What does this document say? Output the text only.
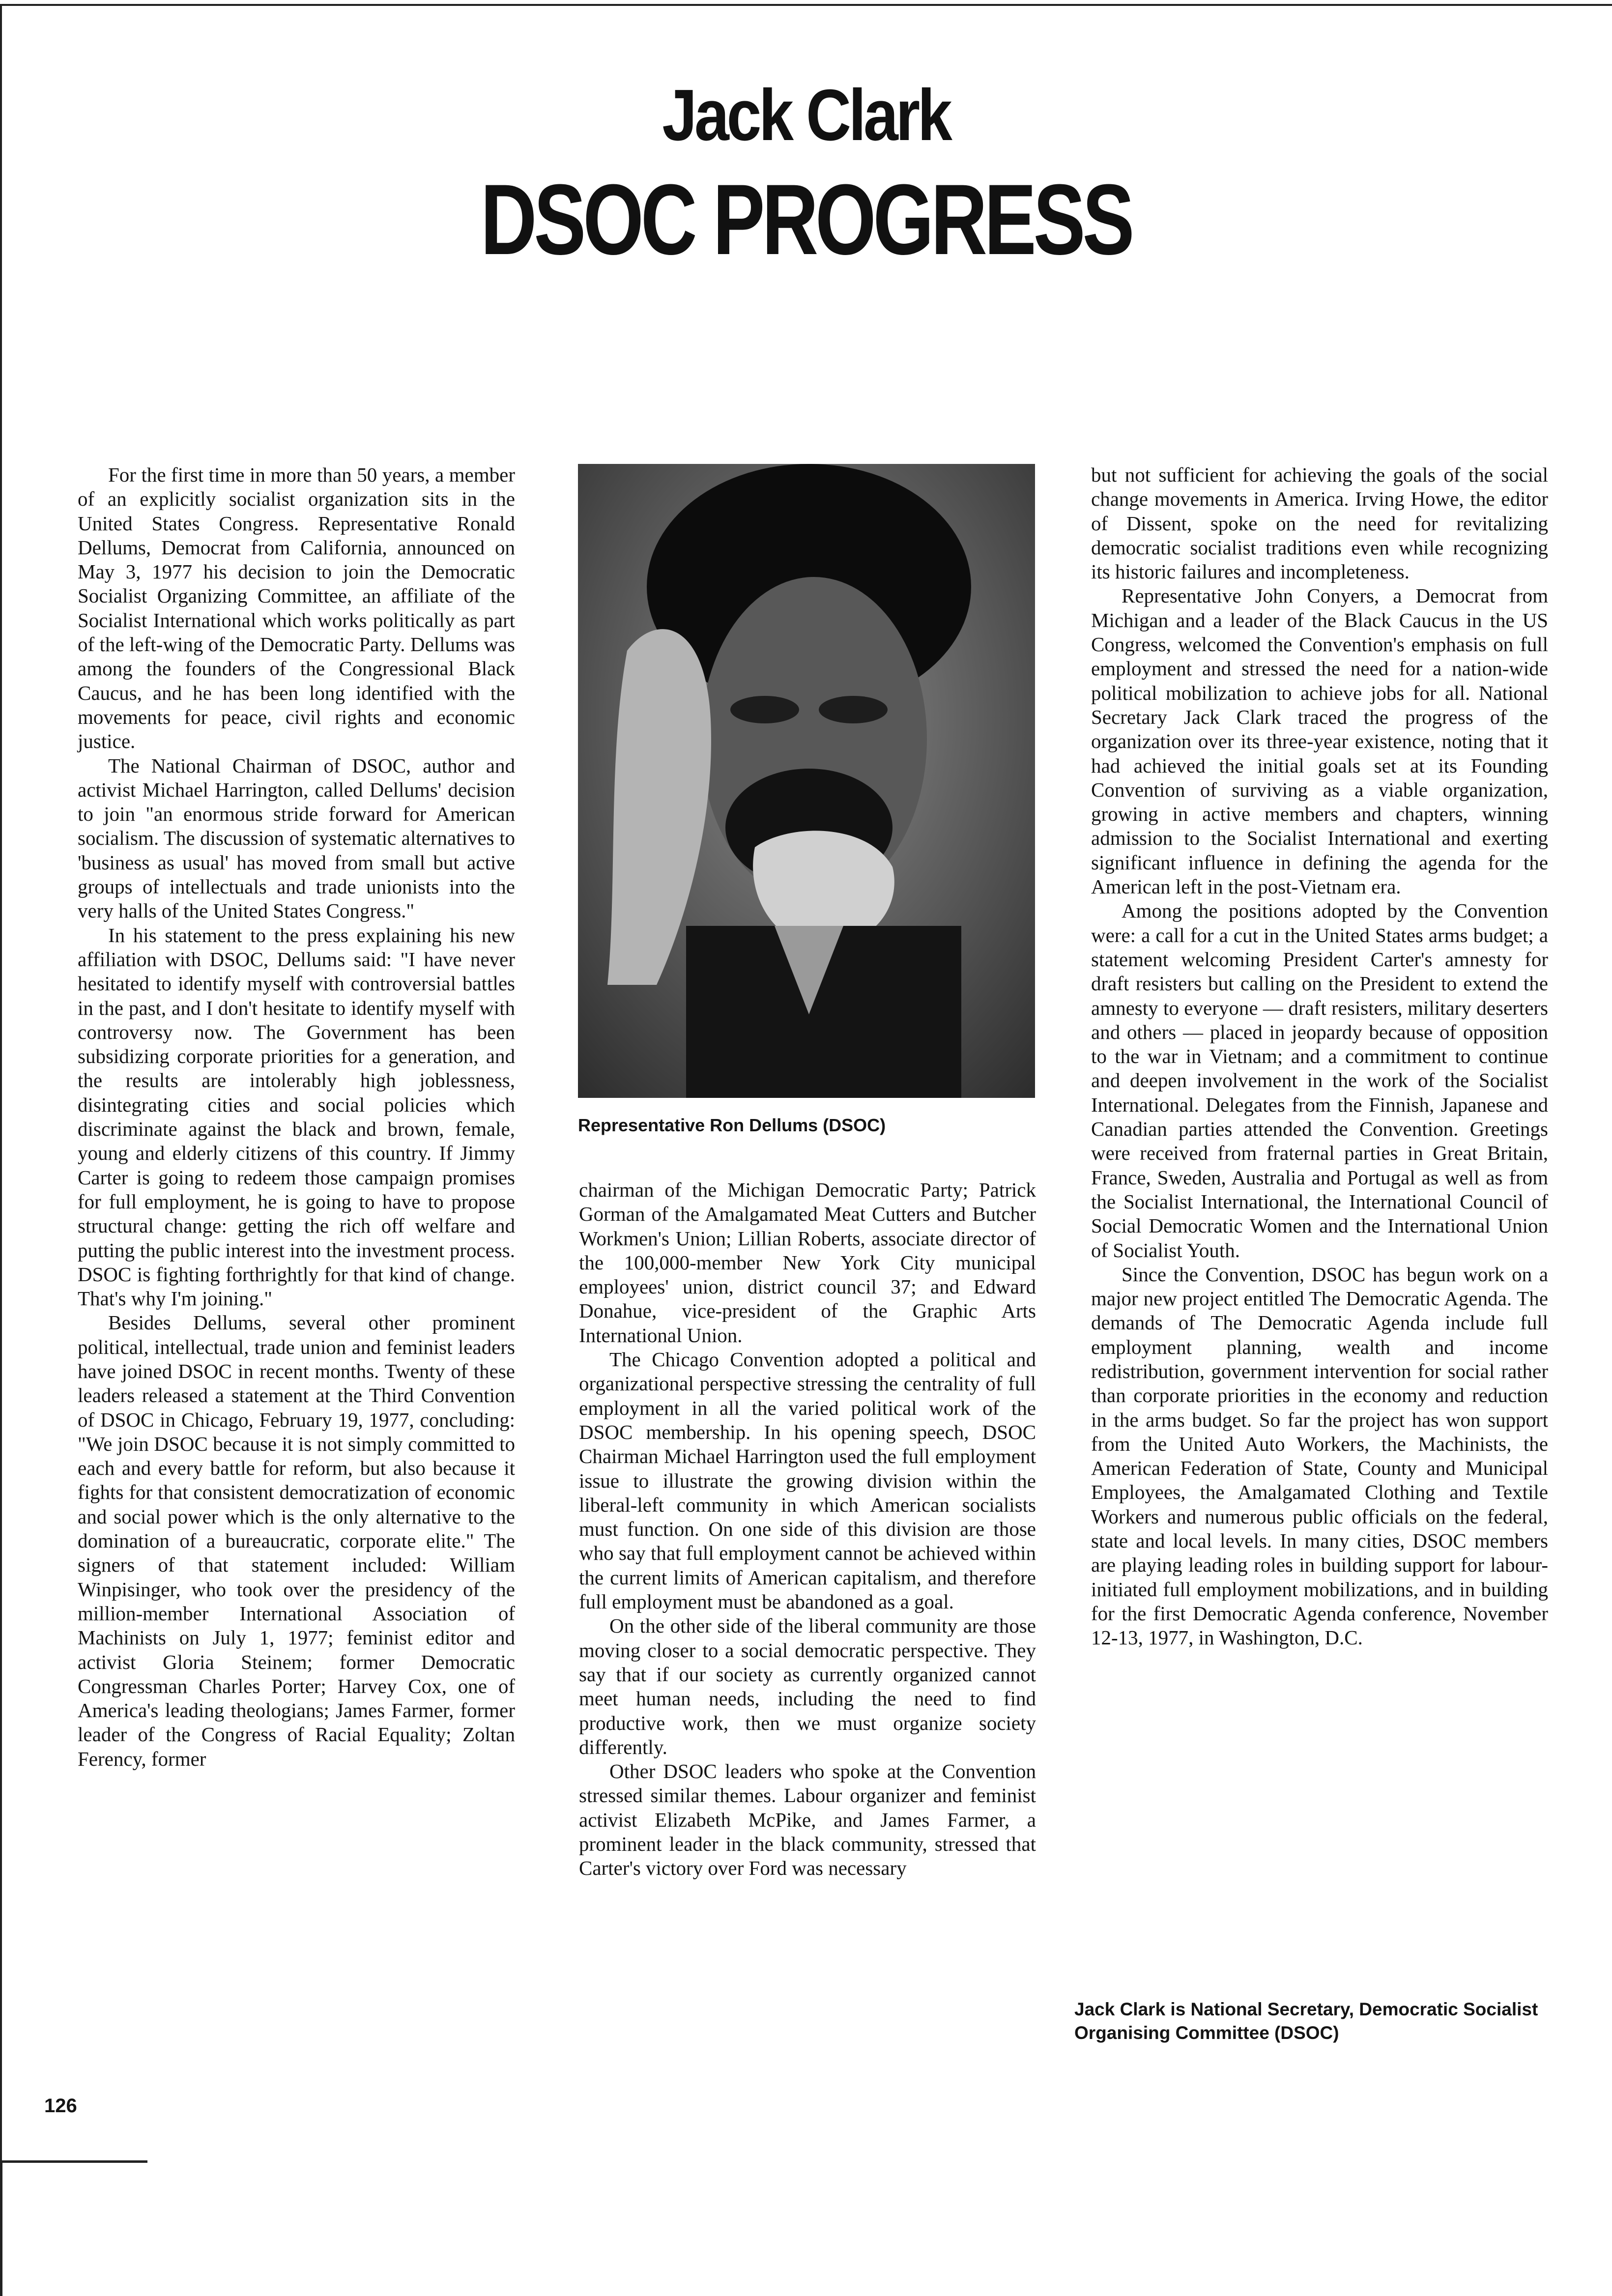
Jack Clark
DSOC PROGRESS

For the first time in more than 50 years, a member of an explicitly socialist organization sits in the United States Congress. Representative Ronald Dellums, Democrat from California, announced on May 3, 1977 his decision to join the Democratic Socialist Organizing Committee, an affiliate of the Socialist International which works politically as part of the left-wing of the Democratic Party. Dellums was among the founders of the Congressional Black Caucus, and he has been long identified with the movements for peace, civil rights and economic justice.

The National Chairman of DSOC, author and activist Michael Harrington, called Dellums' decision to join "an enormous stride forward for American socialism. The discussion of systematic alternatives to 'business as usual' has moved from small but active groups of intellectuals and trade unionists into the very halls of the United States Congress."

In his statement to the press explaining his new affiliation with DSOC, Dellums said: "I have never hesitated to identify myself with controversial battles in the past, and I don't hesitate to identify myself with controversy now. The Government has been subsidizing corporate priorities for a generation, and the results are intolerably high joblessness, disintegrating cities and social policies which discriminate against the black and brown, female, young and elderly citizens of this country. If Jimmy Carter is going to redeem those campaign promises for full employment, he is going to have to propose structural change: getting the rich off welfare and putting the public interest into the investment process. DSOC is fighting forthrightly for that kind of change. That's why I'm joining."

Besides Dellums, several other prominent political, intellectual, trade union and feminist leaders have joined DSOC in recent months. Twenty of these leaders released a statement at the Third Convention of DSOC in Chicago, February 19, 1977, concluding: "We join DSOC because it is not simply committed to each and every battle for reform, but also because it fights for that consistent democratization of economic and social power which is the only alternative to the domination of a bureaucratic, corporate elite." The signers of that statement included: William Winpisinger, who took over the presidency of the million-member International Association of Machinists on July 1, 1977; feminist editor and activist Gloria Steinem; former Democratic Congressman Charles Porter; Harvey Cox, one of America's leading theologians; James Farmer, former leader of the Congress of Racial Equality; Zoltan Ferency, former

Representative Ron Dellums (DSOC)

chairman of the Michigan Democratic Party; Patrick Gorman of the Amalgamated Meat Cutters and Butcher Workmen's Union; Lillian Roberts, associate director of the 100,000-member New York City municipal employees' union, district council 37; and Edward Donahue, vice-president of the Graphic Arts International Union.

The Chicago Convention adopted a political and organizational perspective stressing the centrality of full employment in all the varied political work of the DSOC membership. In his opening speech, DSOC Chairman Michael Harrington used the full employment issue to illustrate the growing division within the liberal-left community in which American socialists must function. On one side of this division are those who say that full employment cannot be achieved within the current limits of American capitalism, and therefore full employment must be abandoned as a goal.

On the other side of the liberal community are those moving closer to a social democratic perspective. They say that if our society as currently organized cannot meet human needs, including the need to find productive work, then we must organize society differently.

Other DSOC leaders who spoke at the Convention stressed similar themes. Labour organizer and feminist activist Elizabeth McPike, and James Farmer, a prominent leader in the black community, stressed that Carter's victory over Ford was necessary

but not sufficient for achieving the goals of the social change movements in America. Irving Howe, the editor of Dissent, spoke on the need for revitalizing democratic socialist traditions even while recognizing its historic failures and incompleteness.

Representative John Conyers, a Democrat from Michigan and a leader of the Black Caucus in the US Congress, welcomed the Convention's emphasis on full employment and stressed the need for a nation-wide political mobilization to achieve jobs for all. National Secretary Jack Clark traced the progress of the organization over its three-year existence, noting that it had achieved the initial goals set at its Founding Convention of surviving as a viable organization, growing in active members and chapters, winning admission to the Socialist International and exerting significant influence in defining the agenda for the American left in the post-Vietnam era.

Among the positions adopted by the Convention were: a call for a cut in the United States arms budget; a statement welcoming President Carter's amnesty for draft resisters but calling on the President to extend the amnesty to everyone — draft resisters, military deserters and others — placed in jeopardy because of opposition to the war in Vietnam; and a commitment to continue and deepen involvement in the work of the Socialist International. Delegates from the Finnish, Japanese and Canadian parties attended the Convention. Greetings were received from fraternal parties in Great Britain, France, Sweden, Australia and Portugal as well as from the Socialist International, the International Council of Social Democratic Women and the International Union of Socialist Youth.

Since the Convention, DSOC has begun work on a major new project entitled The Democratic Agenda. The demands of The Democratic Agenda include full employment planning, wealth and income redistribution, government intervention for social rather than corporate priorities in the economy and reduction in the arms budget. So far the project has won support from the United Auto Workers, the Machinists, the American Federation of State, County and Municipal Employees, the Amalgamated Clothing and Textile Workers and numerous public officials on the federal, state and local levels. In many cities, DSOC members are playing leading roles in building support for labour-initiated full employment mobilizations, and in building for the first Democratic Agenda conference, November 12-13, 1977, in Washington, D.C.

Jack Clark is National Secretary, Democratic Socialist Organising Committee (DSOC)
126
